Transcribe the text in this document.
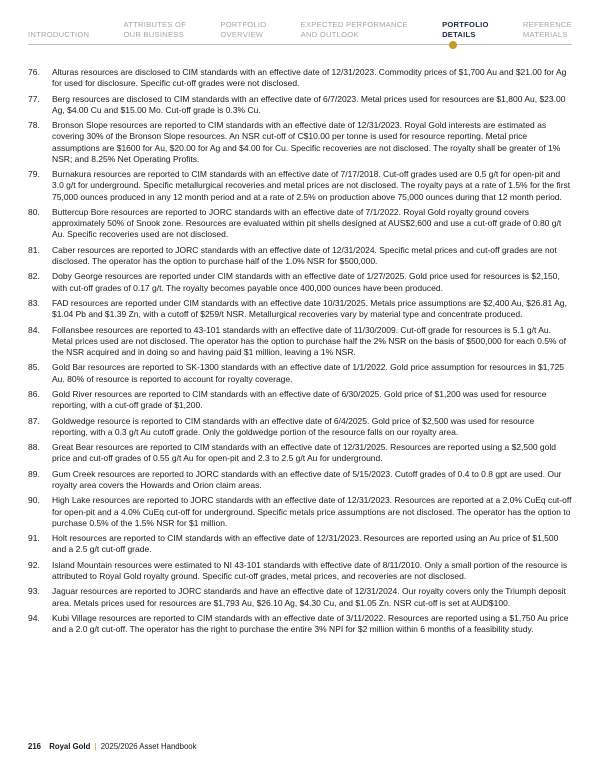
INTRODUCTION
ATTRIBUTES OF
OUR BUSINESS
PORTFOLIO
OVERVIEW
EXPECTED PERFORMANCE
AND OUTLOOK
PORTFOLIO
DETAILS
REFERENCE
MATERIALS
76.	Alturas resources are disclosed to CIM standards with an effective date of 12/31/2023. Commodity prices of $1,700 Au and $21.00 for Ag for used for disclosure. Specific cut-off grades were not disclosed.
77.	Berg resources are disclosed to CIM standards with an effective date of 6/7/2023. Metal prices used for resources are $1,800 Au, $23.00 Ag, $4.00 Cu and $15.00 Mo. Cut-off grade is 0.3% Cu.
78.	Bronson Slope resources are reported to CIM standards with an effective date of 12/31/2023. Royal Gold interests are estimated as covering 30% of the Bronson Slope resources. An NSR cut-off of C$10.00 per tonne is used for resource reporting. Metal price assumptions are $1600 for Au, $20.00 for Ag and $4.00 for Cu. Specific recoveries are not disclosed. The royalty shall be greater of 1% NSR; and 8.25% Net Operating Profits.
79.	Burnakura resources are reported to CIM standards with an effective date of 7/17/2018. Cut-off grades used are 0.5 g/t for open-pit and 3.0 g/t for underground. Specific metallurgical recoveries and metal prices are not disclosed. The royalty pays at a rate of 1.5% for the first 75,000 ounces produced in any 12 month period and at a rate of 2.5% on production above 75,000 ounces during that 12 month period.
80.	Buttercup Bore resources are reported to JORC standards with an effective date of 7/1/2022. Royal Gold royalty ground covers approximately 50% of Snook zone. Resources are evaluated within pit shells designed at AUS$2,600 and use a cut-off grade of 0.80 g/t Au. Specific recoveries used are not disclosed.
81.	Caber resources are reported to JORC standards with an effective date of 12/31/2024. Specific metal prices and cut-off grades are not disclosed. The operator has the option to purchase half of the 1.0% NSR for $500,000.
82.	Doby George resources are reported under CIM standards with an effective date of 1/27/2025. Gold price used for resources is $2,150, with cut-off grades of 0.17 g/t. The royalty becomes payable once 400,000 ounces have been produced.
83.	FAD resources are reported under CIM standards with an effective date 10/31/2025. Metals price assumptions are $2,400 Au, $26.81 Ag, $1.04 Pb and $1.39 Zn, with a cutoff of $259/t NSR. Metallurgical recoveries vary by material type and concentrate produced.
84.	Follansbee resources are reported to 43-101 standards with an effective date of 11/30/2009. Cut-off grade for resources is 5.1 g/t Au. Metal prices used are not disclosed. The operator has the option to purchase half the 2% NSR on the basis of $500,000 for each 0.5% of the NSR acquired and in doing so and having paid $1 million, leaving a 1% NSR.
85.	Gold Bar resources are reported to SK-1300 standards with an effective date of 1/1/2022. Gold price assumption for resources in $1,725 Au. 80% of resource is reported to account for royalty coverage.
86.	Gold River resources are reported to CIM standards with an effective date of 6/30/2025. Gold price of $1,200 was used for resource reporting, with a cut-off grade of $1,200.
87.	Goldwedge resource is reported to CIM standards with an effective date of 6/4/2025. Gold price of $2,500 was used for resource reporting, with a 0.3 g/t Au cutoff grade. Only the goldwedge portion of the resource falls on our royalty area.
88.	Great Bear resources are reported to CIM standards with an effective date of 12/31/2025. Resources are reported using a $2,500 gold price and cut-off grades of 0.55 g/t Au for open-pit and 2.3 to 2.5 g/t Au for underground.
89.	Gum Creek resources are reported to JORC standards with an effective date of 5/15/2023. Cutoff grades of 0.4 to 0.8 gpt are used. Our royalty area covers the Howards and Orion claim areas.
90.	High Lake resources are reported to JORC standards with an effective date of 12/31/2023. Resources are reported at a 2.0% CuEq cut-off for open-pit and a 4.0% CuEq cut-off for underground. Specific metals price assumptions are not disclosed. The operator has the option to purchase 0.5% of the 1.5% NSR for $1 million.
91.	Holt resources are reported to CIM standards with an effective date of 12/31/2023. Resources are reported using an Au price of $1,500 and a 2.5 g/t cut-off grade.
92.	Island Mountain resources were estimated to NI 43-101 standards with effective date of 8/11/2010. Only a small portion of the resource is attributed to Royal Gold royalty ground. Specific cut-off grades, metal prices, and recoveries are not disclosed.
93.	Jaguar resources are reported to JORC standards and have an effective date of 12/31/2024. Our royalty covers only the Triumph deposit area. Metals prices used for resources are $1,793 Au, $26.10 Ag, $4.30 Cu, and $1.05 Zn. NSR cut-off is set at AUD$100.
94.	Kubi Village resources are reported to CIM standards with an effective date of 3/11/2022. Resources are reported using a $1,750 Au price and a 2.0 g/t cut-off. The operator has the right to purchase the entire 3% NPI for $2 million within 6 months of a feasibility study.
216 Royal Gold | 2025/2026 Asset Handbook
